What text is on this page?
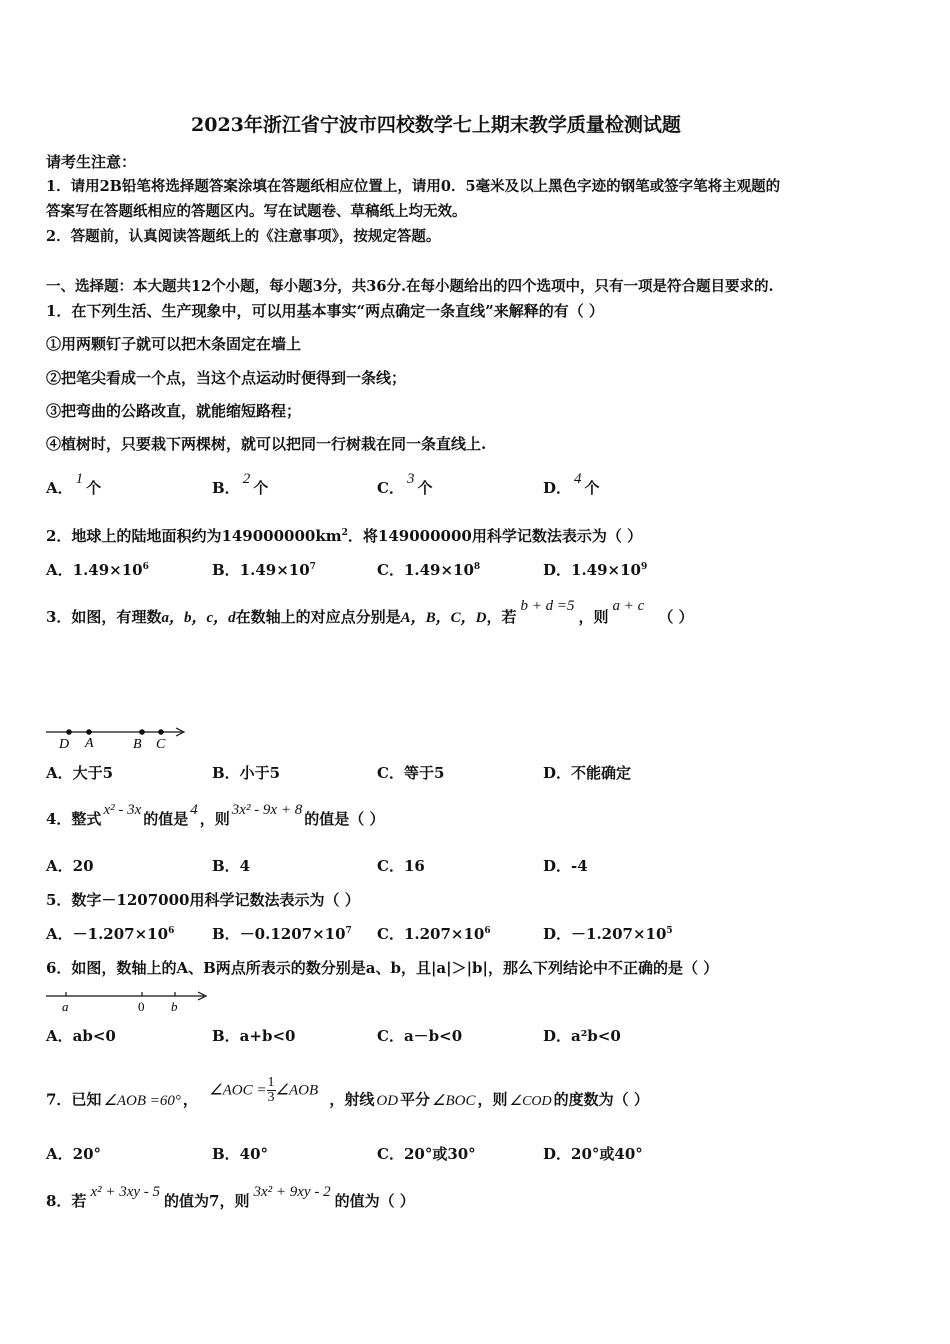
2023年浙江省宁波市四校数学七上期末教学质量检测试题
请考生注意：
1．请用2B铅笔将选择题答案涂填在答题纸相应位置上，请用0．5毫米及以上黑色字迹的钢笔或签字笔将主观题的
答案写在答题纸相应的答题区内。写在试题卷、草稿纸上均无效。
2．答题前，认真阅读答题纸上的《注意事项》，按规定答题。
一、选择题：本大题共12个小题，每小题3分，共36分.在每小题给出的四个选项中，只有一项是符合题目要求的.
1．在下列生活、生产现象中，可以用基本事实“两点确定一条直线”来解释的有（ ）
①用两颗钉子就可以把木条固定在墙上
②把笔尖看成一个点，当这个点运动时便得到一条线；
③把弯曲的公路改直，就能缩短路程；
④植树时，只要栽下两棵树，就可以把同一行树栽在同一条直线上.
A． 1 个	B． 2 个	C． 3 个	D． 4 个
2．地球上的陆地面积约为$149000000km^2$．将149000000用科学记数法表示为（ ）
A．$1.49\times 10^6$	B．$1.49\times 10^7$	C．$1.49\times 10^8$	D．$1.49\times 10^9$
3．如图，有理数a，b，c，d在数轴上的对应点分别是A，B，C，D，若b + d =5，则a + c（ ）
D A	B C
A．大于5	B．小于5	C．等于5	D．不能确定
4．整式 x² - 3x 的值是 4 ，则 3x² - 9x + 8 的值是（ ）
A．20	B．4	C．16	D．-4
5．数字－1207000用科学记数法表示为（ ）
A．$-1.207\times 10^6$	B．$-0.1207\times 10^7$ C．$1.207\times 10^6$	D．$-1.207\times 10^5$
6．如图，数轴上的A、B两点所表示的数分别是a、b，且|a|＞|b|，那么下列结论中不正确的是（ ）
a	0 b
A．ab<0	B．a+b<0	C．a－b<0	D．a²b<0
7．已知 ∠AOB =60° ， ∠AOC = $\frac{1}{3}$ ∠AOB ，射线 OD 平分 ∠BOC ，则 ∠COD 的度数为（ ）
A．20°	B．40°	C．20°或30°	D．20°或40°
8．若 x² + 3xy - 5 的值为7，则 3x² + 9xy - 2 的值为（ ）
